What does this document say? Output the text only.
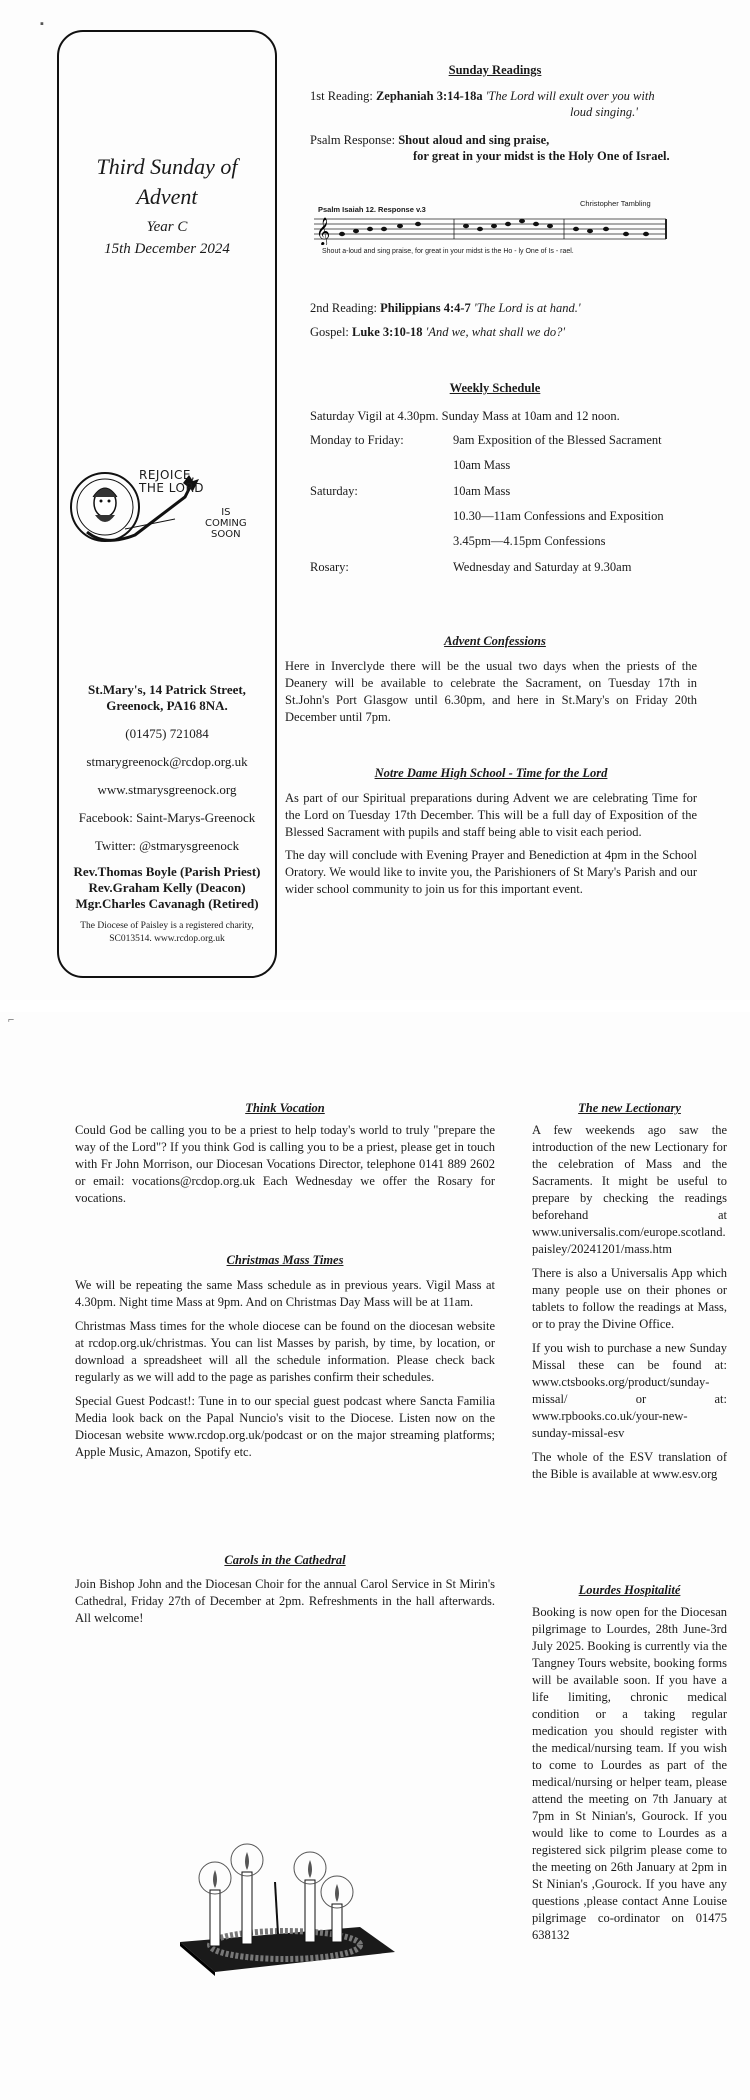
▪
Third Sunday of
Advent
Year C
15th December 2024
REJOICE,
THE LORD
IS
COMING
SOON
St.Mary's, 14 Patrick Street,
Greenock, PA16 8NA.
(01475) 721084
stmarygreenock@rcdop.org.uk
www.stmarysgreenock.org
Facebook: Saint-Marys-Greenock
Twitter: @stmarysgreenock
Rev.Thomas Boyle (Parish Priest)
Rev.Graham Kelly (Deacon)
Mgr.Charles Cavanagh (Retired)
The Diocese of Paisley is a registered charity,
SC013514. www.rcdop.org.uk
Sunday Readings
1st Reading: Zephaniah 3:14-18a 'The Lord will exult over you with
loud singing.'
Psalm Response: Shout aloud and sing praise,
for great in your midst is the Holy One of Israel.
Psalm Isaiah 12. Response v.3
Christopher Tambling
𝄞
Shout a-loud and sing praise, for great in your midst is the Ho - ly One of Is - rael.
2nd Reading: Philippians 4:4-7 'The Lord is at hand.'
Gospel: Luke 3:10-18 'And we, what shall we do?'
Weekly Schedule
Saturday Vigil at 4.30pm. Sunday Mass at 10am and 12 noon.
Monday to Friday:	9am Exposition of the Blessed Sacrament
10am Mass
Saturday:	10am Mass
10.30—11am Confessions and Exposition
3.45pm—4.15pm Confessions
Rosary:	Wednesday and Saturday at 9.30am
Advent Confessions
Here in Inverclyde there will be the usual two days when the priests of the Deanery will be available to celebrate the Sacrament, on Tuesday 17th in St.John's Port Glasgow until 6.30pm, and here in St.Mary's on Friday 20th December until 7pm.
Notre Dame High School - Time for the Lord

As part of our Spiritual preparations during Advent we are celebrating Time for the Lord on Tuesday 17th December. This will be a full day of Exposition of the Blessed Sacrament with pupils and staff being able to visit each period.

The day will conclude with Evening Prayer and Benediction at 4pm in the School Oratory. We would like to invite you, the Parishioners of St Mary's Parish and our wider school community to join us for this important event.

⌐
Think Vocation
Could God be calling you to be a priest to help today's world to truly "prepare the way of the Lord"? If you think God is calling you to be a priest, please get in touch with Fr John Morrison, our Diocesan Vocations Director, telephone 0141 889 2602 or email: vocations@rcdop.org.uk Each Wednesday we offer the Rosary for vocations.
Christmas Mass Times

We will be repeating the same Mass schedule as in previous years. Vigil Mass at 4.30pm. Night time Mass at 9pm. And on Christmas Day Mass will be at 11am.

Christmas Mass times for the whole diocese can be found on the diocesan website at rcdop.org.uk/christmas. You can list Masses by parish, by time, by location, or download a spreadsheet will all the schedule information. Please check back regularly as we will add to the page as parishes confirm their schedules.

Special Guest Podcast!: Tune in to our special guest podcast where Sancta Familia Media look back on the Papal Nuncio's visit to the Diocese. Listen now on the Diocesan website www.rcdop.org.uk/podcast or on the major streaming platforms; Apple Music, Amazon, Spotify etc.

Carols in the Cathedral
Join Bishop John and the Diocesan Choir for the annual Carol Service in St Mirin's Cathedral, Friday 27th of December at 2pm. Refreshments in the hall afterwards. All welcome!
The new Lectionary

A few weekends ago saw the introduction of the new Lectionary for the celebration of Mass and the Sacraments. It might be useful to prepare by checking the readings beforehand at www.universalis.com/europe.scotland.paisley/20241201/mass.htm

There is also a Universalis App which many people use on their phones or tablets to follow the readings at Mass, or to pray the Divine Office.

If you wish to purchase a new Sunday Missal these can be found at: www.ctsbooks.org/product/sunday-missal/ or at: www.rpbooks.co.uk/your-new-sunday-missal-esv

The whole of the ESV translation of the Bible is available at www.esv.org

Lourdes Hospitalité
Booking is now open for the Diocesan pilgrimage to Lourdes, 28th June-3rd July 2025. Booking is currently via the Tangney Tours website, booking forms will be available soon. If you have a life limiting, chronic medical condition or a taking regular medication you should register with the medical/nursing team. If you wish to come to Lourdes as part of the medical/nursing or helper team, please attend the meeting on 7th January at 7pm in St Ninian's, Gourock. If you would like to come to Lourdes as a registered sick pilgrim please come to the meeting on 26th January at 2pm in St Ninian's ,Gourock. If you have any questions ,please contact Anne Louise pilgrimage co-ordinator on 01475 638132
